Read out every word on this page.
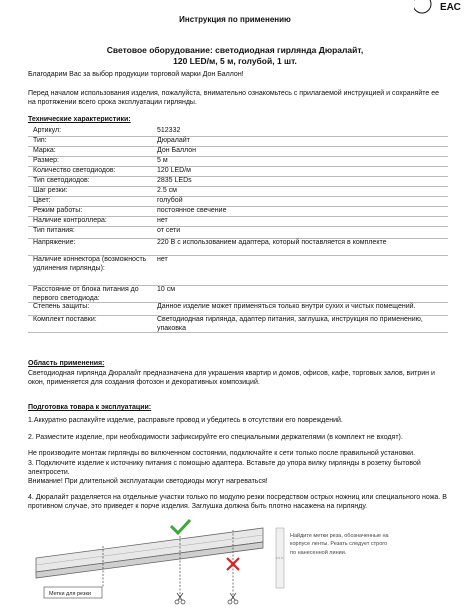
Инструкция по применению
ЕАС
Световое оборудование: светодиодная гирлянда Дюралайт,
120 LED/м, 5 м, голубой, 1 шт.
Благодарим Вас за выбор продукции торговой марки Дон Баллон!
Перед началом использования изделия, пожалуйста, внимательно ознакомьтесь с прилагаемой инструкцией и сохраняйте ее на протяжении всего срока эксплуатации гирлянды.
Технические характеристики:
Артикул:	512332
Тип:	Дюралайт
Марка:	Дон Баллон
Размер:	5 м
Количество светодиодов:	120 LED/м
Тип светодиодов:	2835 LEDs
Шаг резки:	2.5 см
Цвет:	голубой
Режим работы:	постоянное свечение
Наличие контроллера:	нет
Тип питания:	от сети
Напряжение:	220 В с использованием адаптера, который поставляется в комплекте
Наличие коннектора (возможность удлинения гирлянды):
нет
Расстояние от блока питания до первого светодиода:
10 см
Степень защиты:	Данное изделие может применяться только внутри сухих и чистых помещений.
Комплект поставки:	Светодиодная гирлянда, адаптер питания, заглушка, инструкция по применению, упаковка
Область применения:
Светодиодная гирлянда Дюралайт предназначена для украшения квартир и домов, офисов, кафе, торговых залов, витрин и окон, применяется для создания фотозон и декоративных композиций.
Подготовка товара к эксплуатации:
1.Аккуратно распакуйте изделие, расправьте провод и убедитесь в отсутствии его повреждений.
2. Разместите изделие, при необходимости зафиксируйте его специальными держателями (в комплект не входят).
Не производите монтаж гирлянды во включенном состоянии, подключайте к сети только после правильной установки.
3. Подключите изделие к источнику питания с помощью адаптера. Вставьте до упора вилку гирлянды в розетку бытовой электросети.
Внимание! При длительной эксплуатации светодиоды могут нагреваться!
4. Дюралайт разделяется на отдельные участки только по модулю резки посредством острых ножниц или специального ножа. В противном случае, это приведет к порче изделия. Заглушка должна быть плотно насажена на гирлянду.
Метки для резки
Найдите метки реза, обозначенные на корпусе ленты. Резать следует строго по нанесенной линии.
